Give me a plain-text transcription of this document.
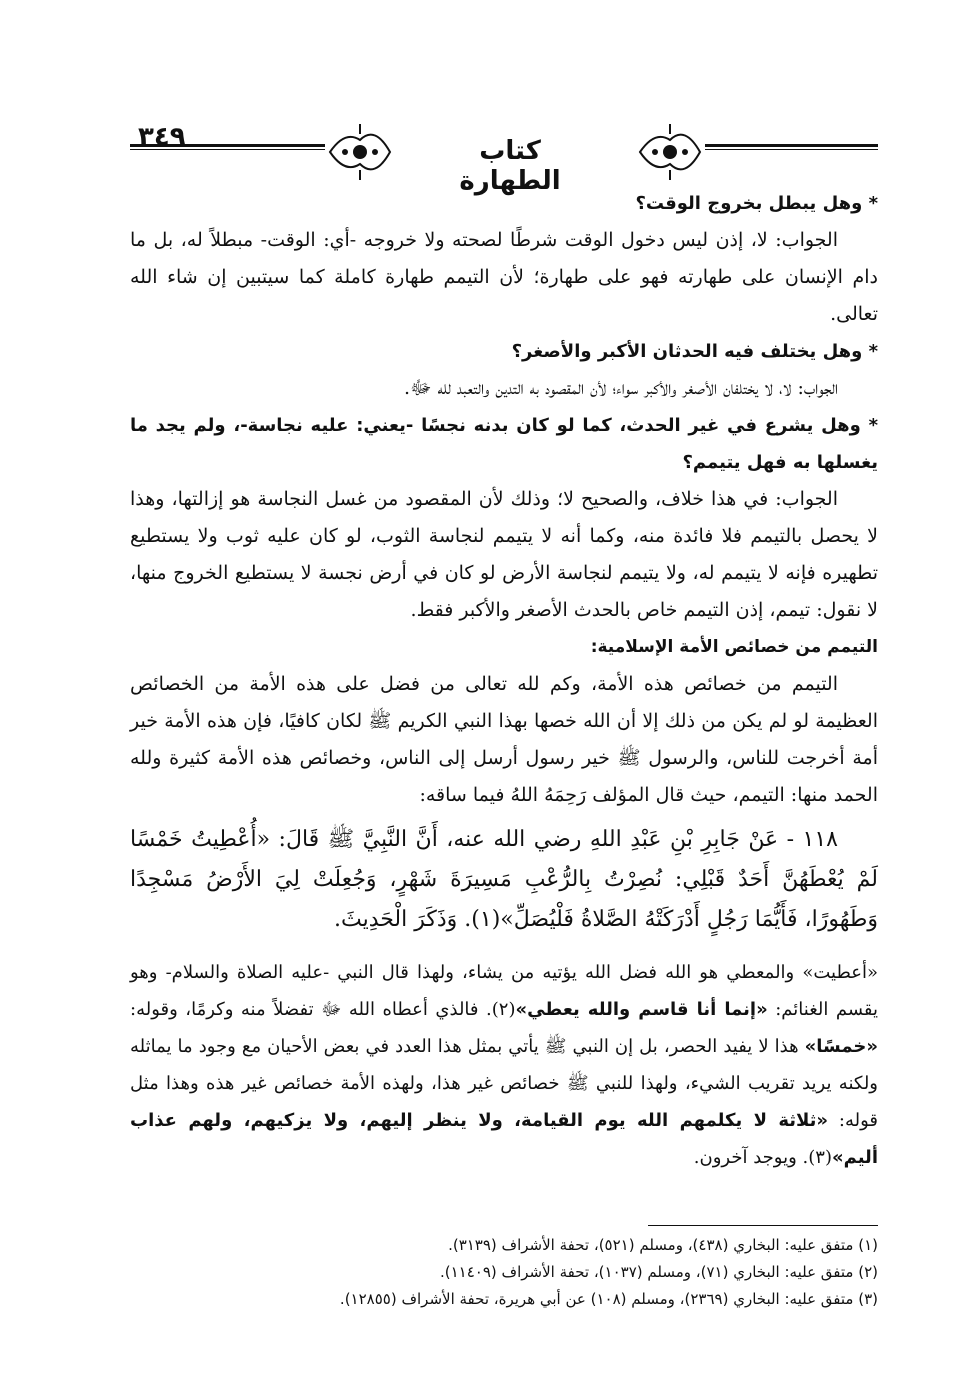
٣٤٩	كتاب الطهارة

* وهل يبطل بخروج الوقت؟

الجواب: لا، إذن ليس دخول الوقت شرطًا لصحته ولا خروجه -أي: الوقت- مبطلاً له، بل ما دام الإنسان على طهارته فهو على طهارة؛ لأن التيمم طهارة كاملة كما سيتبين إن شاء الله تعالى.

* وهل يختلف فيه الحدثان الأكبر والأصغر؟

الجواب: لا، لا يختلفان الأصغر والأكبر سواء؛ لأن المقصود به التدين والتعبد لله ﷻ.

* وهل يشرع في غير الحدث، كما لو كان بدنه نجسًا -يعني: عليه نجاسة-، ولم يجد ما يغسلها به فهل يتيمم؟

الجواب: في هذا خلاف، والصحيح لا؛ وذلك لأن المقصود من غسل النجاسة هو إزالتها، وهذا لا يحصل بالتيمم فلا فائدة منه، وكما أنه لا يتيمم لنجاسة الثوب، لو كان عليه ثوب ولا يستطيع تطهيره فإنه لا يتيمم له، ولا يتيمم لنجاسة الأرض لو كان في أرض نجسة لا يستطيع الخروج منها، لا نقول: تيمم، إذن التيمم خاص بالحدث الأصغر والأكبر فقط.

التيمم من خصائص الأمة الإسلامية:

التيمم من خصائص هذه الأمة، وكم لله تعالى من فضل على هذه الأمة من الخصائص العظيمة لو لم يكن من ذلك إلا أن الله خصها بهذا النبي الكريم ﷺ لكان كافيًا، فإن هذه الأمة خير أمة أخرجت للناس، والرسول ﷺ خير رسول أرسل إلى الناس، وخصائص هذه الأمة كثيرة ولله الحمد منها: التيمم، حيث قال المؤلف رَحِمَهُ اللهُ فيما ساقه:

١١٨ - عَنْ جَابِرِ بْنِ عَبْدِ اللهِ رضي الله عنه، أَنَّ النَّبِيَّ ﷺ قَالَ: «أُعْطِيتُ خَمْسًا لَمْ يُعْطَهُنَّ أَحَدٌ قَبْلِي: نُصِرْتُ بِالرُّعْبِ مَسِيرَةَ شَهْرٍ، وَجُعِلَتْ لِيَ الأَرْضُ مَسْجِدًا وَطَهُورًا، فَأَيُّمَا رَجُلٍ أَدْرَكَتْهُ الصَّلاةُ فَلْيُصَلِّ»(١). وَذَكَرَ الْحَدِيثَ.

«أعطيت» والمعطي هو الله فضل الله يؤتيه من يشاء، ولهذا قال النبي -عليه الصلاة والسلام- وهو يقسم الغنائم: «إنما أنا قاسم والله يعطي»(٢). فالذي أعطاه الله ﷻ تفضلاً منه وكرمًا، وقوله: «خمسًا» هذا لا يفيد الحصر، بل إن النبي ﷺ يأتي بمثل هذا العدد في بعض الأحيان مع وجود ما يماثله ولكنه يريد تقريب الشيء، ولهذا للنبي ﷺ خصائص غير هذا، ولهذه الأمة خصائص غير هذه وهذا مثل قوله: «ثلاثة لا يكلمهم الله يوم القيامة، ولا ينظر إليهم، ولا يزكيهم، ولهم عذاب أليم»(٣). ويوجد آخرون.

(١) متفق عليه: البخاري (٤٣٨)، ومسلم (٥٢١)، تحفة الأشراف (٣١٣٩).

(٢) متفق عليه: البخاري (٧١)، ومسلم (١٠٣٧)، تحفة الأشراف (١١٤٠٩).

(٣) متفق عليه: البخاري (٢٣٦٩)، ومسلم (١٠٨) عن أبي هريرة، تحفة الأشراف (١٢٨٥٥).
